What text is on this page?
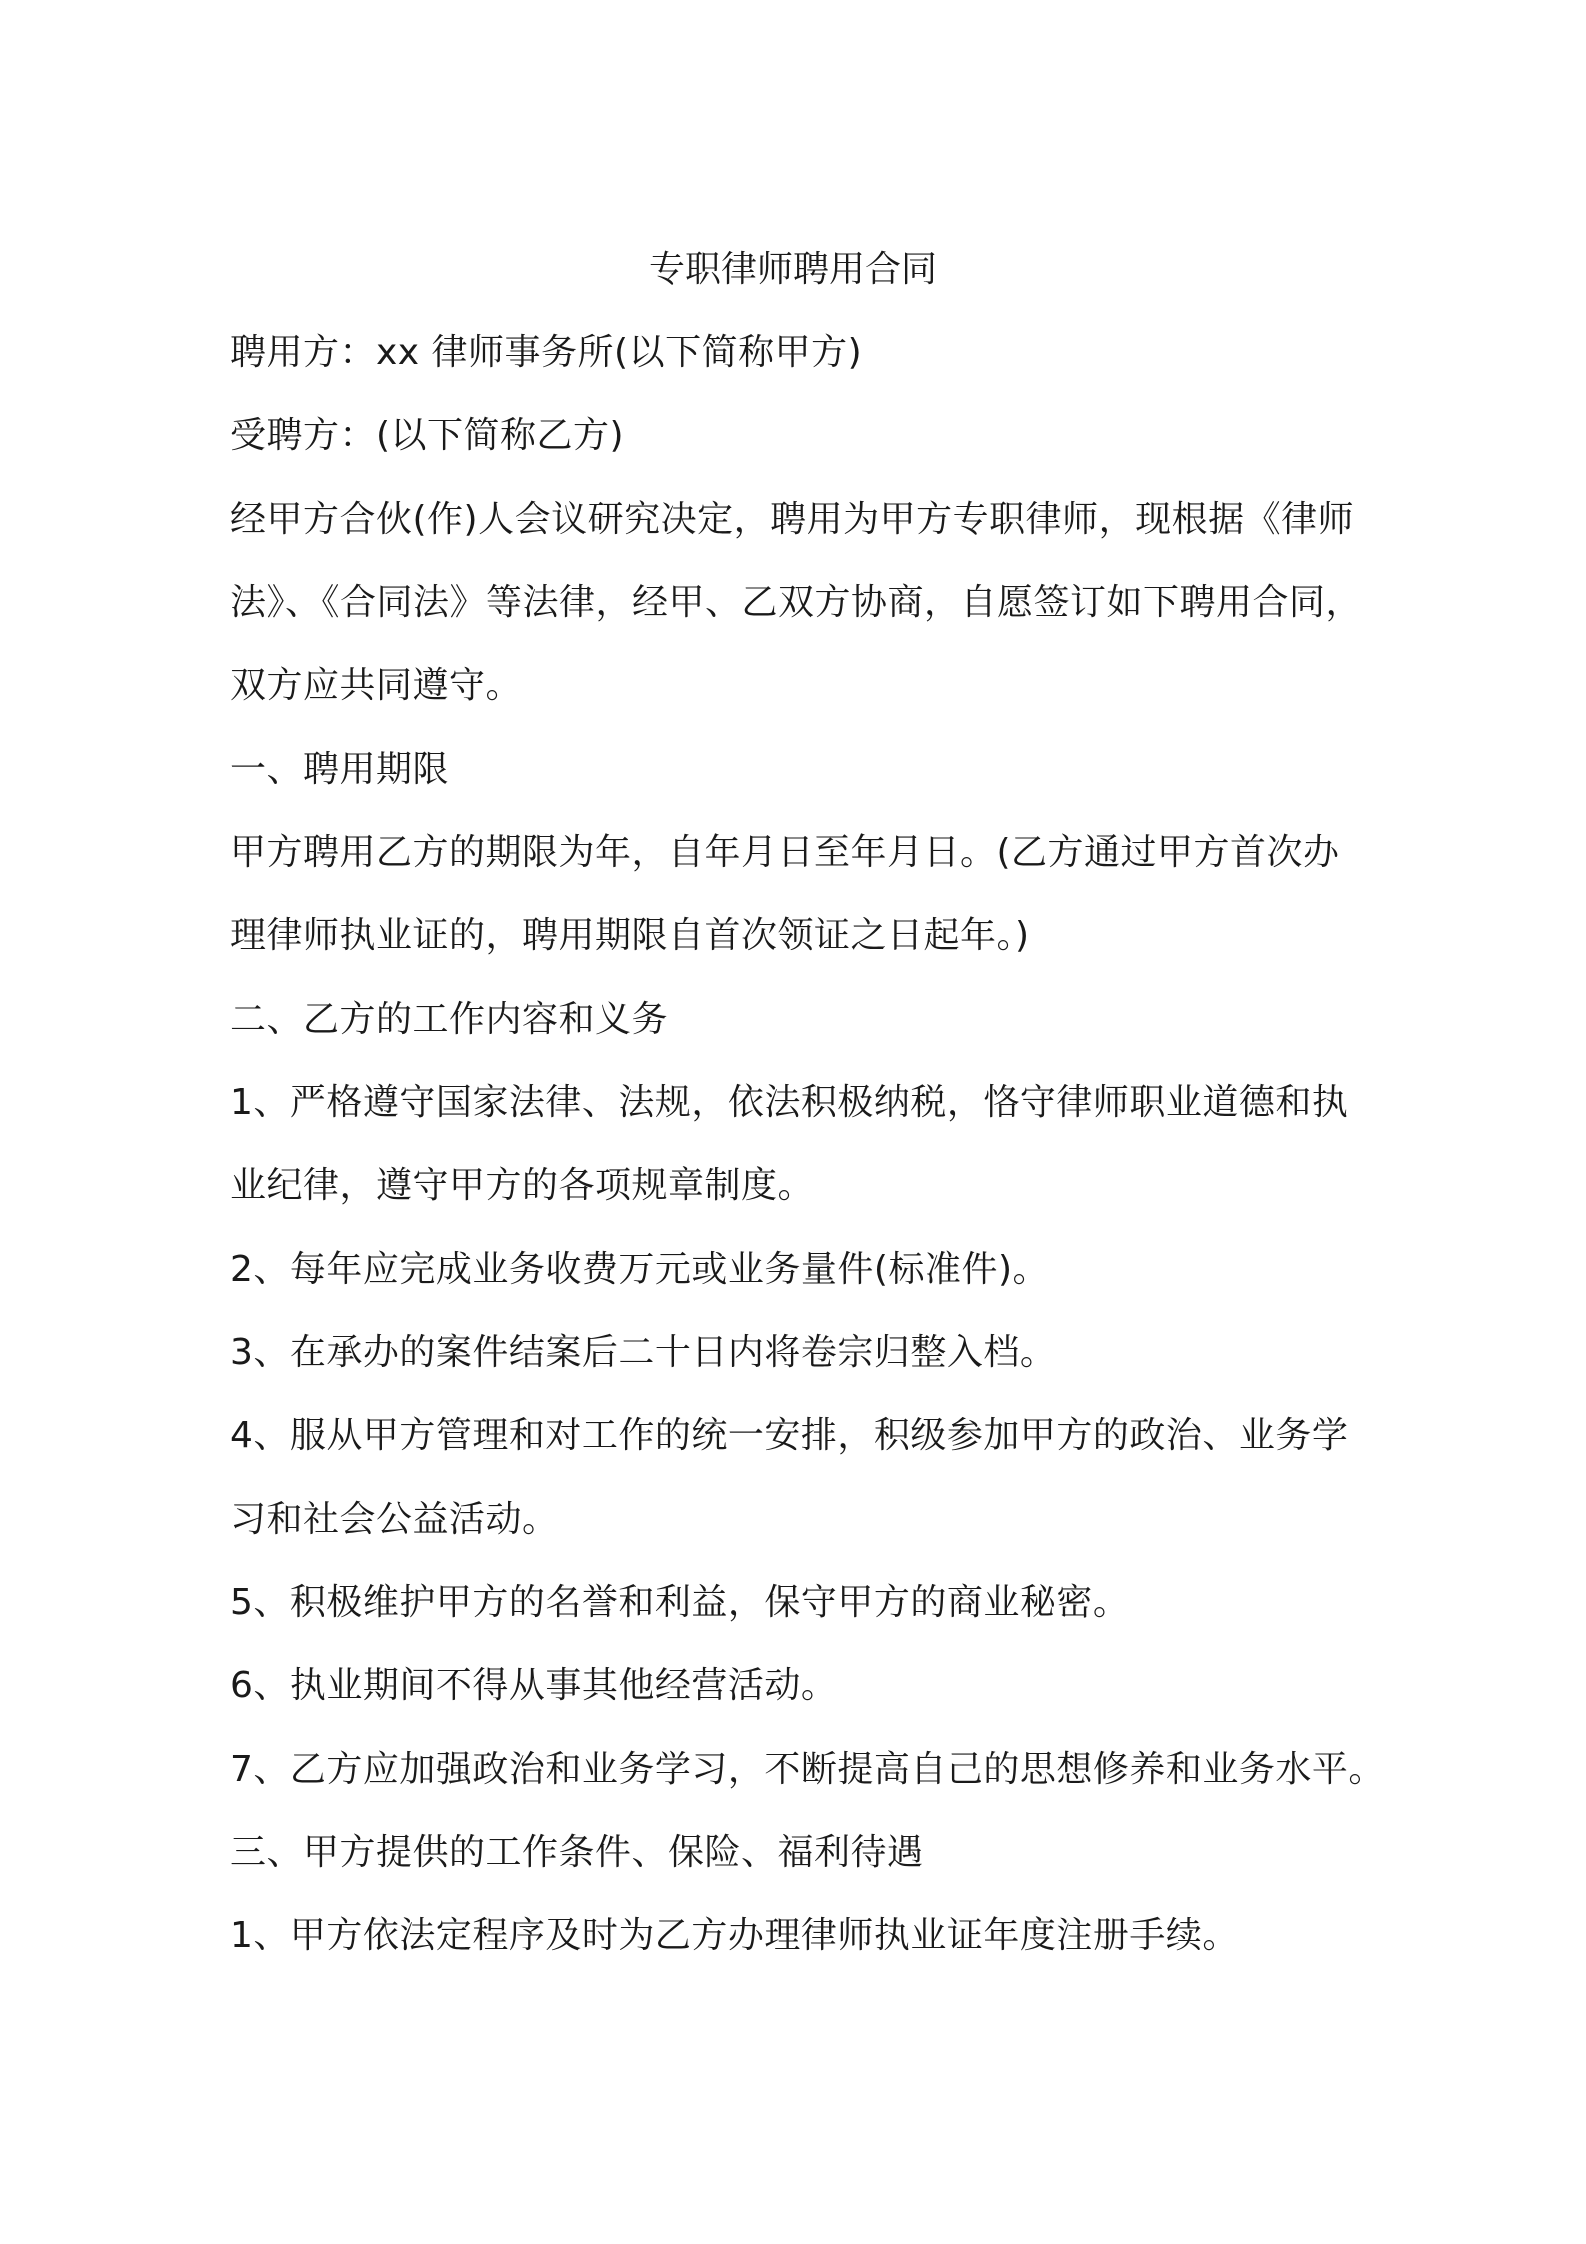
专职律师聘用合同
聘用方：xx 律师事务所(以下简称甲方)
受聘方：(以下简称乙方)
经甲方合伙(作)人会议研究决定，聘用为甲方专职律师，现根据《律师
法》、《合同法》等法律，经甲、乙双方协商，自愿签订如下聘用合同，
双方应共同遵守。
一、聘用期限
甲方聘用乙方的期限为年，自年月日至年月日。(乙方通过甲方首次办
理律师执业证的，聘用期限自首次领证之日起年。)
二、乙方的工作内容和义务
1、严格遵守国家法律、法规，依法积极纳税，恪守律师职业道德和执
业纪律，遵守甲方的各项规章制度。
2、每年应完成业务收费万元或业务量件(标准件)。
3、在承办的案件结案后二十日内将卷宗归整入档。
4、服从甲方管理和对工作的统一安排，积级参加甲方的政治、业务学
习和社会公益活动。
5、积极维护甲方的名誉和利益，保守甲方的商业秘密。
6、执业期间不得从事其他经营活动。
7、乙方应加强政治和业务学习，不断提高自己的思想修养和业务水平。
三、甲方提供的工作条件、保险、福利待遇
1、甲方依法定程序及时为乙方办理律师执业证年度注册手续。
